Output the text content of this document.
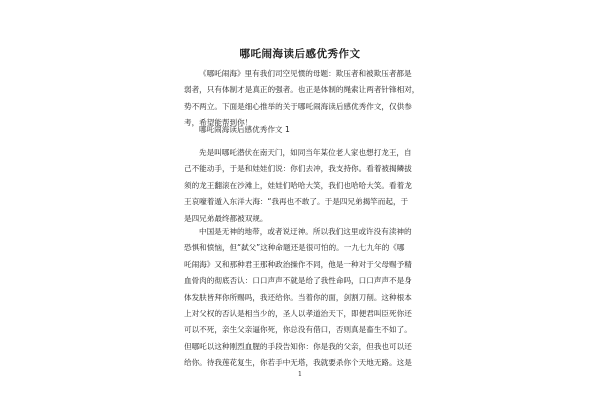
哪吒闹海读后感优秀作文

《哪吒闹海》里有我们司空见惯的母题：欺压者和被欺压者都是
弱者，只有体制才是真正的强者。也正是体制的绳索让两者针锋相对，
势不两立。下面是细心推举的关于哪吒闹海读后感优秀作文，仅供参
考，希望能帮到你！

哪吒闹海读后感优秀作文 1

先是叫哪吒潜伏在南天门，如同当年某位老人家也想打龙王，自
己不能动手，于是和娃娃们说：你们去冲，我支持你。看着被揭鳞拔
须的龙王翻滚在沙滩上，娃娃们哈哈大笑，我们也哈哈大笑。看着龙
王哀嚎着遁入东洋大海：“我再也不敢了。于是四兄弟揭竿而起，于
是四兄弟最终都被双规。

中国是无神的地带，或者说迂神。所以我们这里或许没有渎神的
恐惧和愤恼，但“弑父”这种命题还是很可怕的。一九七九年的《哪
吒闹海》又和那种君王那种政治操作不同，他是一种对于父母赐予精
血骨肉的彻底否认：口口声声不就是给了我性命吗，口口声声不是身
体发肤皆拜你所赐吗，我还给你。当着你的面，剑割刀削。这种根本
上对父权的否认是相当少的，圣人以孝道治天下，即便君叫臣死你还
可以不死，亲生父亲逼你死，你总没有借口，否则真是畜生不如了。
但哪吒以这种刚烈血腥的手段告知你：你是我的父亲，但我也可以还
给你。待我莲花复生，你若手中无塔，我就要杀你个天地无路。这是

1
